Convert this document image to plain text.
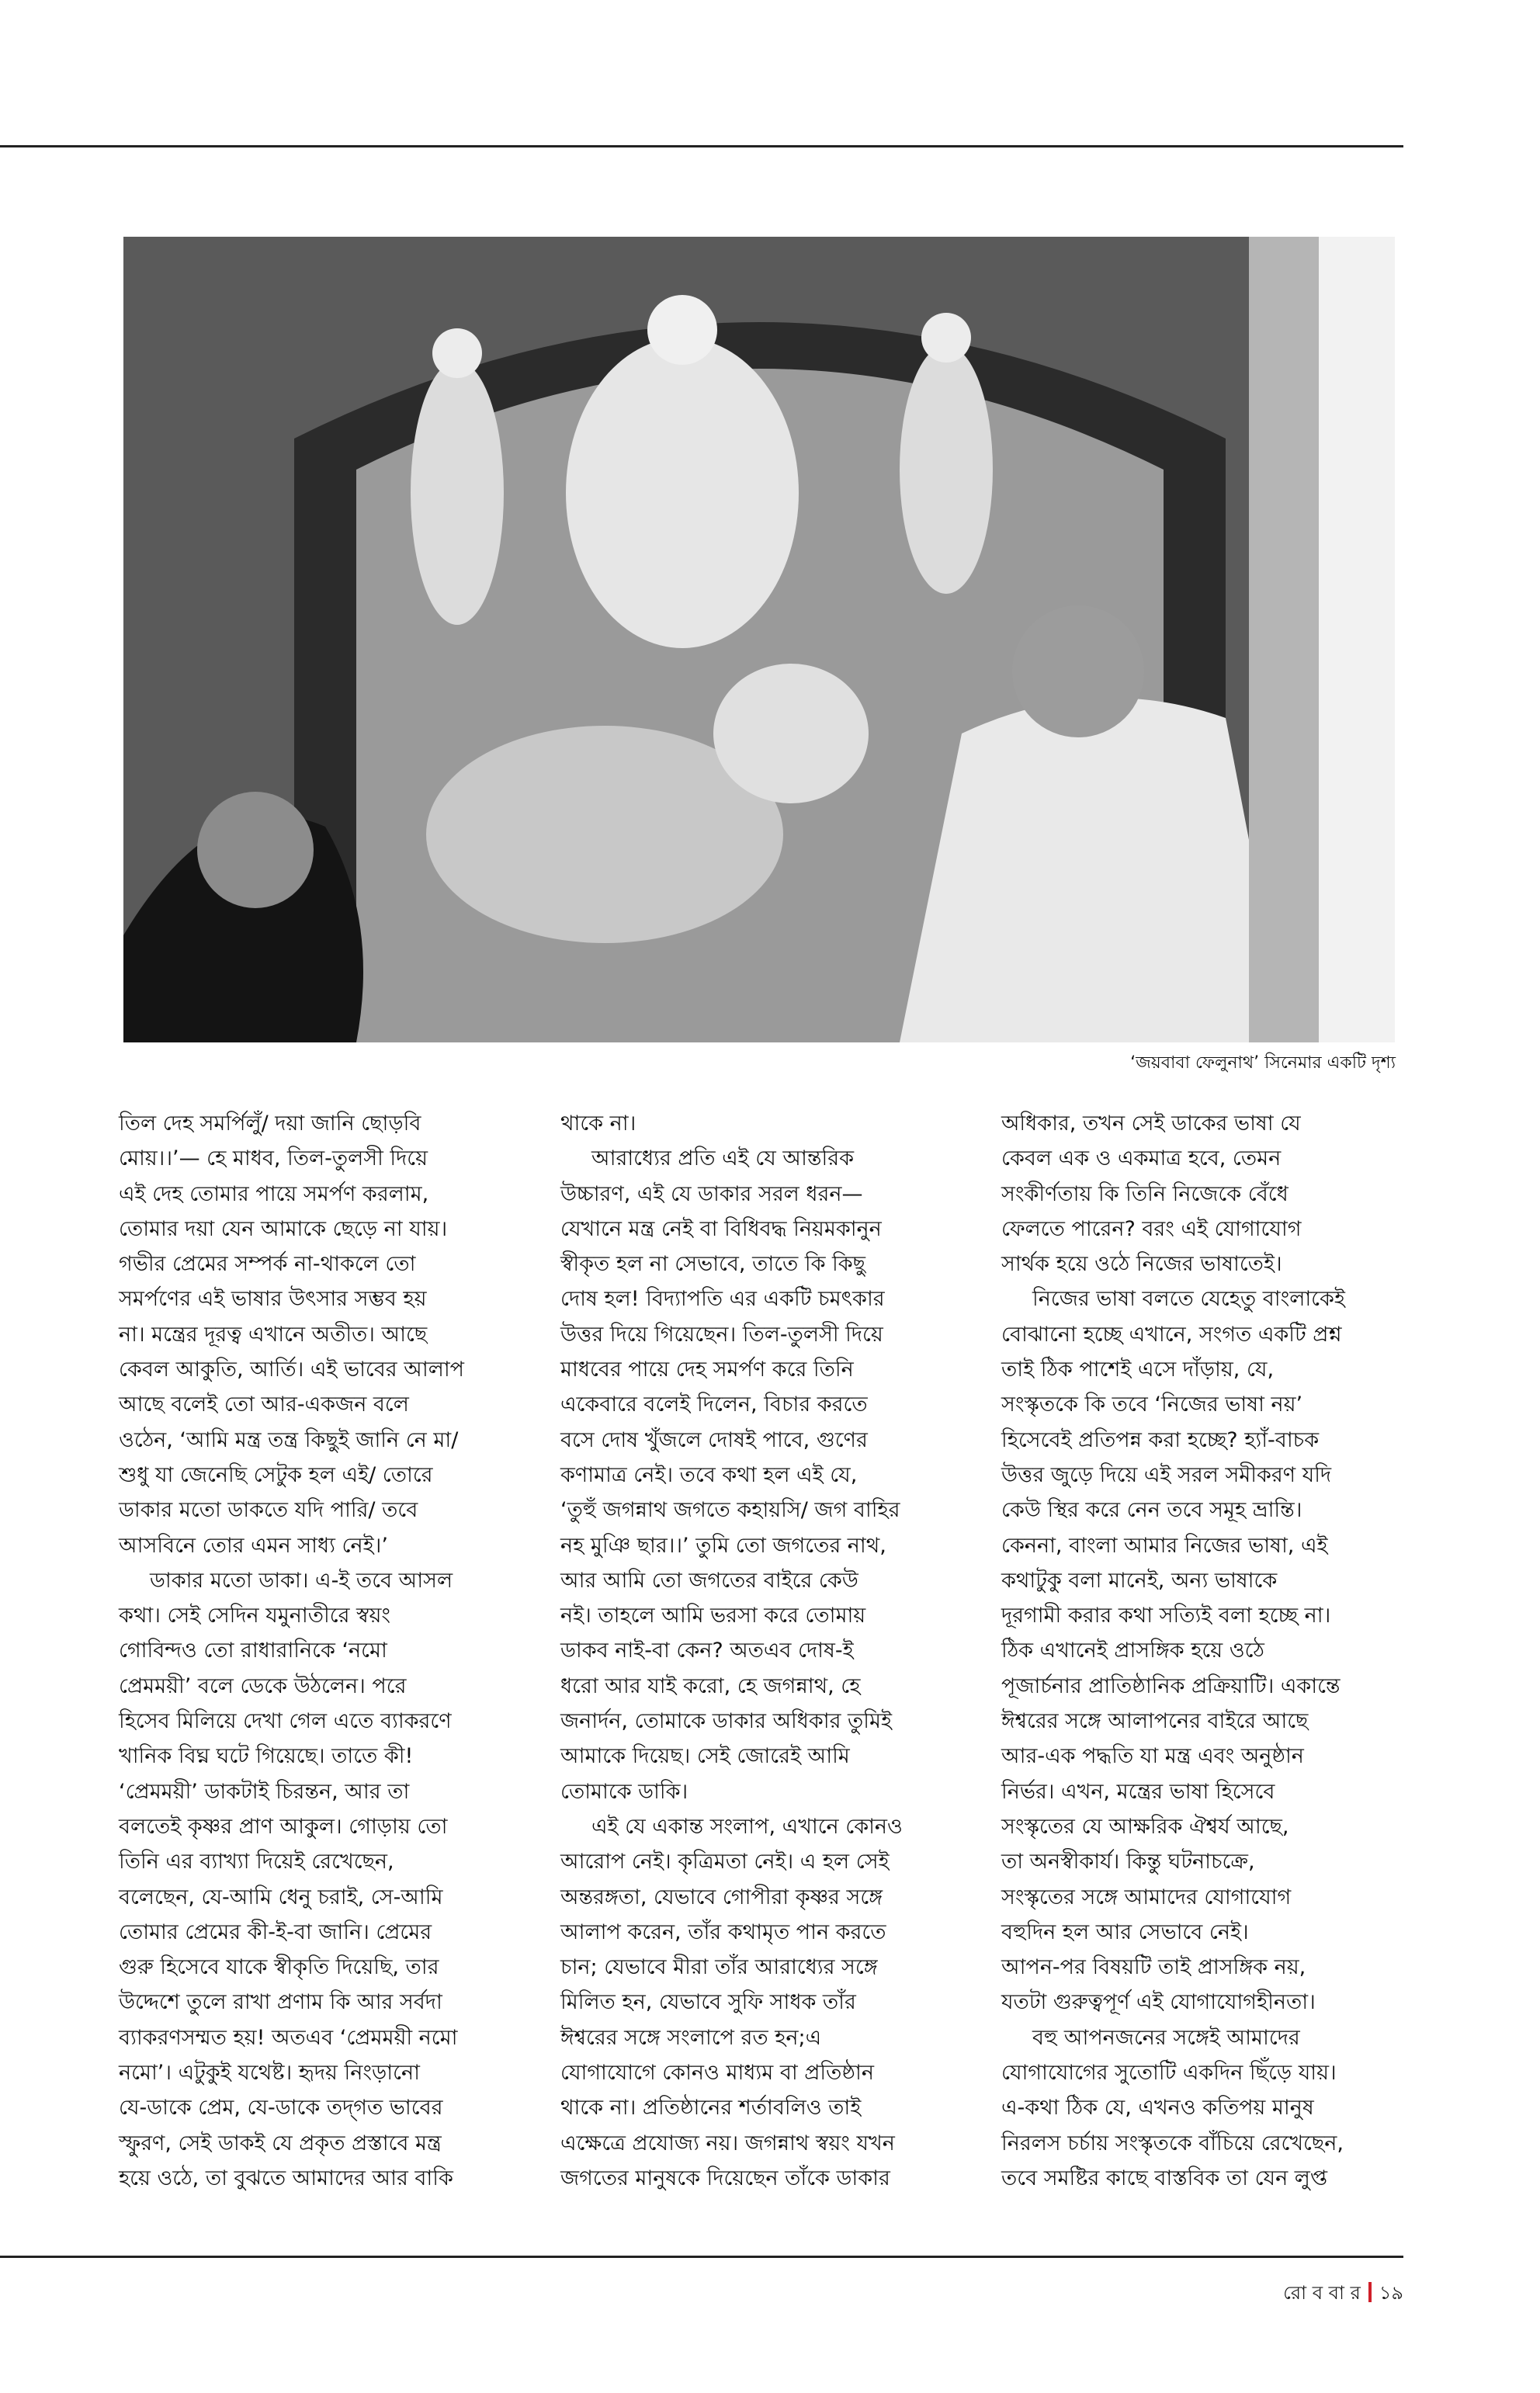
‘জয়বাবা ফেলুনাথ’ সিনেমার একটি দৃশ্য
তিল দেহ সমর্পিলুঁ/ দয়া জানি ছোড়বি
মোয়।।’— হে মাধব, তিল-তুলসী দিয়ে
এই দেহ তোমার পায়ে সমর্পণ করলাম,
তোমার দয়া যেন আমাকে ছেড়ে না যায়।
গভীর প্রেমের সম্পর্ক না-থাকলে তো
সমর্পণের এই ভাষার উৎসার সম্ভব হয়
না। মন্ত্রের দূরত্ব এখানে অতীত। আছে
কেবল আকুতি, আর্তি। এই ভাবের আলাপ
আছে বলেই তো আর-একজন বলে
ওঠেন, ‘আমি মন্ত্র তন্ত্র কিছুই জানি নে মা/
শুধু যা জেনেছি সেটুক হল এই/ তোরে
ডাকার মতো ডাকতে যদি পারি/ তবে
আসবিনে তোর এমন সাধ্য নেই।’
ডাকার মতো ডাকা। এ-ই তবে আসল
কথা। সেই সেদিন যমুনাতীরে স্বয়ং
গোবিন্দও তো রাধারানিকে ‘নমো
প্রেমময়ী’ বলে ডেকে উঠলেন। পরে
হিসেব মিলিয়ে দেখা গেল এতে ব্যাকরণে
খানিক বিঘ্ন ঘটে গিয়েছে। তাতে কী!
‘প্রেমময়ী’ ডাকটাই চিরন্তন, আর তা
বলতেই কৃষ্ণর প্রাণ আকুল। গোড়ায় তো
তিনি এর ব্যাখ্যা দিয়েই রেখেছেন,
বলেছেন, যে-আমি ধেনু চরাই, সে-আমি
তোমার প্রেমের কী-ই-বা জানি। প্রেমের
গুরু হিসেবে যাকে স্বীকৃতি দিয়েছি, তার
উদ্দেশে তুলে রাখা প্রণাম কি আর সর্বদা
ব্যাকরণসম্মত হয়! অতএব ‘প্রেমময়ী নমো
নমো’। এটুকুই যথেষ্ট। হৃদয় নিংড়ানো
যে-ডাকে প্রেম, যে-ডাকে তদ্‌গত ভাবের
স্ফুরণ, সেই ডাকই যে প্রকৃত প্রস্তাবে মন্ত্র
হয়ে ওঠে, তা বুঝতে আমাদের আর বাকি
থাকে না।
আরাধ্যের প্রতি এই যে আন্তরিক
উচ্চারণ, এই যে ডাকার সরল ধরন—
যেখানে মন্ত্র নেই বা বিধিবদ্ধ নিয়মকানুন
স্বীকৃত হল না সেভাবে, তাতে কি কিছু
দোষ হল! বিদ্যাপতি এর একটি চমৎকার
উত্তর দিয়ে গিয়েছেন। তিল-তুলসী দিয়ে
মাধবের পায়ে দেহ সমর্পণ করে তিনি
একেবারে বলেই দিলেন, বিচার করতে
বসে দোষ খুঁজলে দোষই পাবে, গুণের
কণামাত্র নেই। তবে কথা হল এই যে,
‘তুহুঁ জগন্নাথ জগতে কহায়সি/ জগ বাহির
নহ মুঞি ছার।।’ তুমি তো জগতের নাথ,
আর আমি তো জগতের বাইরে কেউ
নই। তাহলে আমি ভরসা করে তোমায়
ডাকব নাই-বা কেন? অতএব দোষ-ই
ধরো আর যাই করো, হে জগন্নাথ, হে
জনার্দন, তোমাকে ডাকার অধিকার তুমিই
আমাকে দিয়েছ। সেই জোরেই আমি
তোমাকে ডাকি।
এই যে একান্ত সংলাপ, এখানে কোনও
আরোপ নেই। কৃত্রিমতা নেই। এ হল সেই
অন্তরঙ্গতা, যেভাবে গোপীরা কৃষ্ণর সঙ্গে
আলাপ করেন, তাঁর কথামৃত পান করতে
চান; যেভাবে মীরা তাঁর আরাধ্যের সঙ্গে
মিলিত হন, যেভাবে সুফি সাধক তাঁর
ঈশ্বরের সঙ্গে সংলাপে রত হন;এ
যোগাযোগে কোনও মাধ্যম বা প্রতিষ্ঠান
থাকে না। প্রতিষ্ঠানের শর্তাবলিও তাই
এক্ষেত্রে প্রযোজ্য নয়। জগন্নাথ স্বয়ং যখন
জগতের মানুষকে দিয়েছেন তাঁকে ডাকার
অধিকার, তখন সেই ডাকের ভাষা যে
কেবল এক ও একমাত্র হবে, তেমন
সংকীর্ণতায় কি তিনি নিজেকে বেঁধে
ফেলতে পারেন? বরং এই যোগাযোগ
সার্থক হয়ে ওঠে নিজের ভাষাতেই।
নিজের ভাষা বলতে যেহেতু বাংলাকেই
বোঝানো হচ্ছে এখানে, সংগত একটি প্রশ্ন
তাই ঠিক পাশেই এসে দাঁড়ায়, যে,
সংস্কৃতকে কি তবে ‘নিজের ভাষা নয়’
হিসেবেই প্রতিপন্ন করা হচ্ছে? হ্যাঁ-বাচক
উত্তর জুড়ে দিয়ে এই সরল সমীকরণ যদি
কেউ স্থির করে নেন তবে সমূহ ভ্রান্তি।
কেননা, বাংলা আমার নিজের ভাষা, এই
কথাটুকু বলা মানেই, অন্য ভাষাকে
দূরগামী করার কথা সত্যিই বলা হচ্ছে না।
ঠিক এখানেই প্রাসঙ্গিক হয়ে ওঠে
পূজার্চনার প্রাতিষ্ঠানিক প্রক্রিয়াটি। একান্তে
ঈশ্বরের সঙ্গে আলাপনের বাইরে আছে
আর-এক পদ্ধতি যা মন্ত্র এবং অনুষ্ঠান
নির্ভর। এখন, মন্ত্রের ভাষা হিসেবে
সংস্কৃতের যে আক্ষরিক ঐশ্বর্য আছে,
তা অনস্বীকার্য। কিন্তু ঘটনাচক্রে,
সংস্কৃতের সঙ্গে আমাদের যোগাযোগ
বহুদিন হল আর সেভাবে নেই।
আপন-পর বিষয়টি তাই প্রাসঙ্গিক নয়,
যতটা গুরুত্বপূর্ণ এই যোগাযোগহীনতা।
বহু আপনজনের সঙ্গেই আমাদের
যোগাযোগের সুতোটি একদিন ছিঁড়ে যায়।
এ-কথা ঠিক যে, এখনও কতিপয় মানুষ
নিরলস চর্চায় সংস্কৃতকে বাঁচিয়ে রেখেছেন,
তবে সমষ্টির কাছে বাস্তবিক তা যেন লুপ্ত
রো ব বা র ১৯
